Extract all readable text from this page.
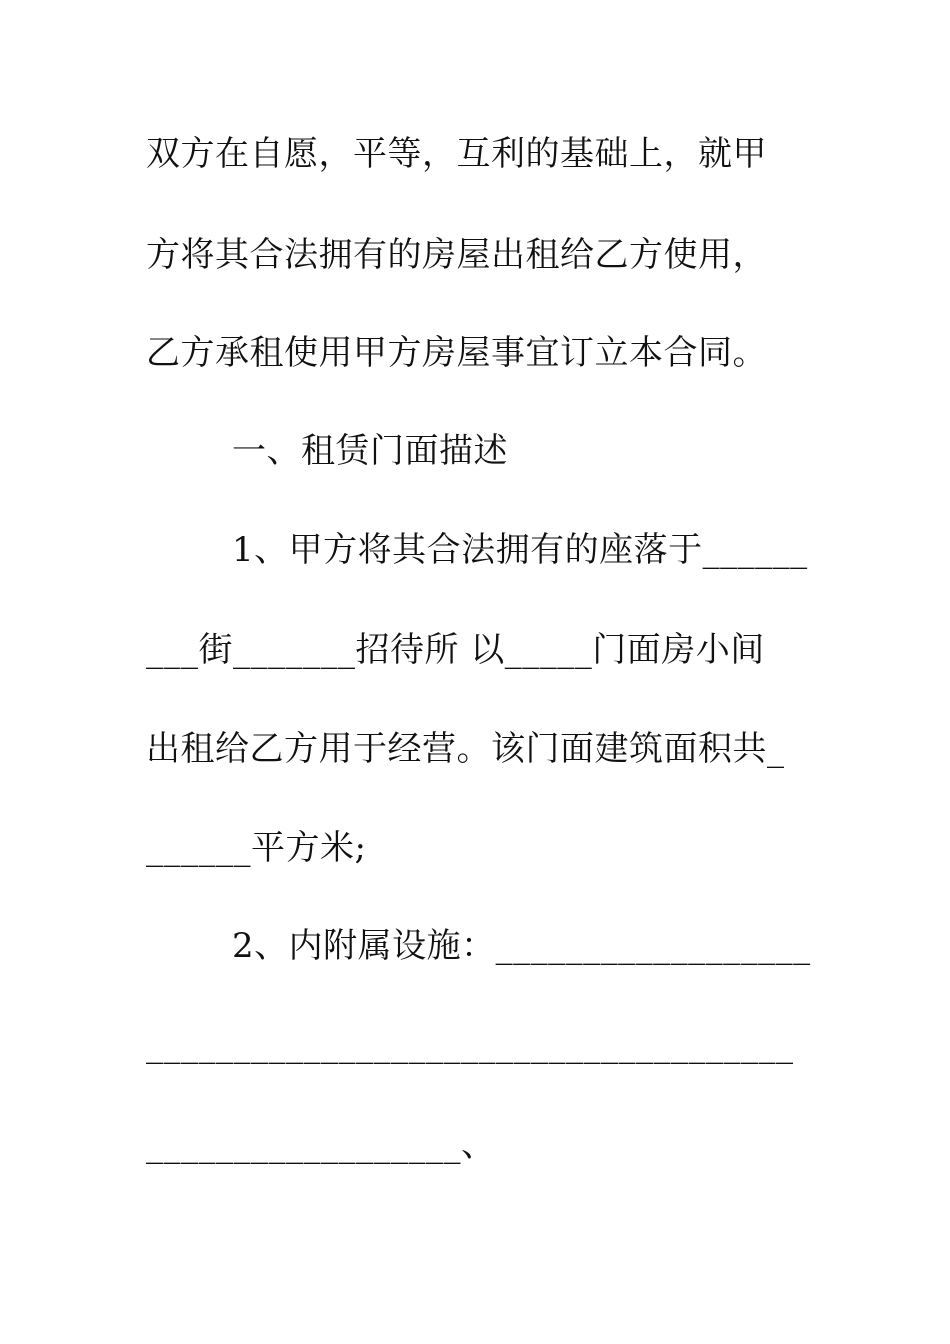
双方在自愿，平等，互利的基础上，就甲
方将其合法拥有的房屋出租给乙方使用，
乙方承租使用甲方房屋事宜订立本合同。
一、租赁门面描述
1、甲方将其合法拥有的座落于______
___街_______招待所 以_____门面房小间
出租给乙方用于经营。该门面建筑面积共_
______平方米;
2、内附属设施：__________________
_____________________________________
__________________、
